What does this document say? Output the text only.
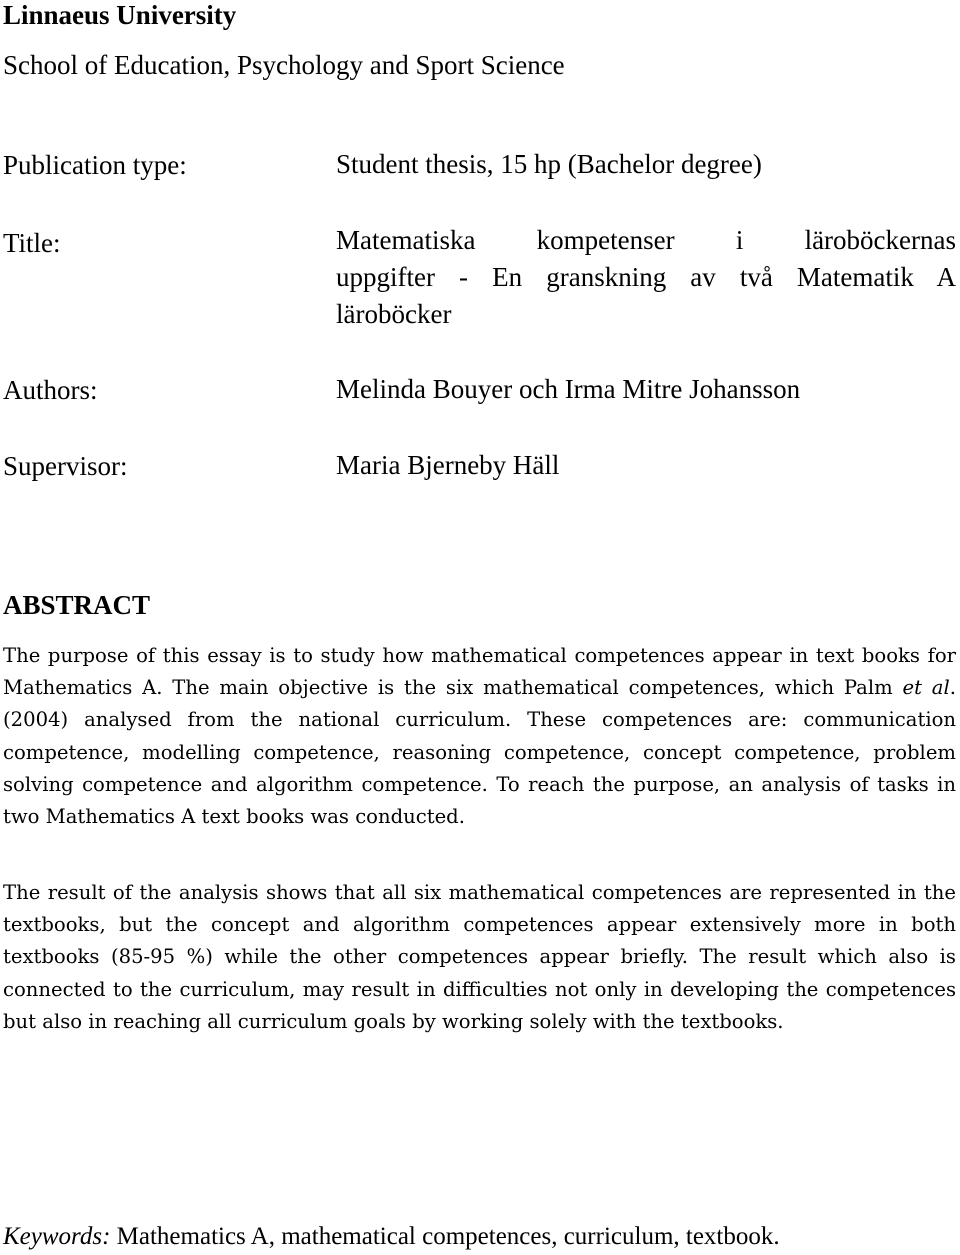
Linnaeus University
School of Education, Psychology and Sport Science
Publication type:	Student thesis, 15 hp (Bachelor degree)
Title:	Matematiska kompetenser i läroböckernas
uppgifter - En granskning av två Matematik A
läroböcker
Authors:	Melinda Bouyer och Irma Mitre Johansson
Supervisor:	Maria Bjerneby Häll
ABSTRACT

The purpose of this essay is to study how mathematical competences appear in text books for Mathematics A. The main objective is the six mathematical competences, which Palm et al. (2004) analysed from the national curriculum. These competences are: communication competence, modelling competence, reasoning competence, concept competence, problem solving competence and algorithm competence. To reach the purpose, an analysis of tasks in two Mathematics A text books was conducted.

The result of the analysis shows that all six mathematical competences are represented in the textbooks, but the concept and algorithm competences appear extensively more in both textbooks (85-95 %) while the other competences appear briefly. The result which also is connected to the curriculum, may result in difficulties not only in developing the competences but also in reaching all curriculum goals by working solely with the textbooks.

Keywords: Mathematics A, mathematical competences, curriculum, textbook.
